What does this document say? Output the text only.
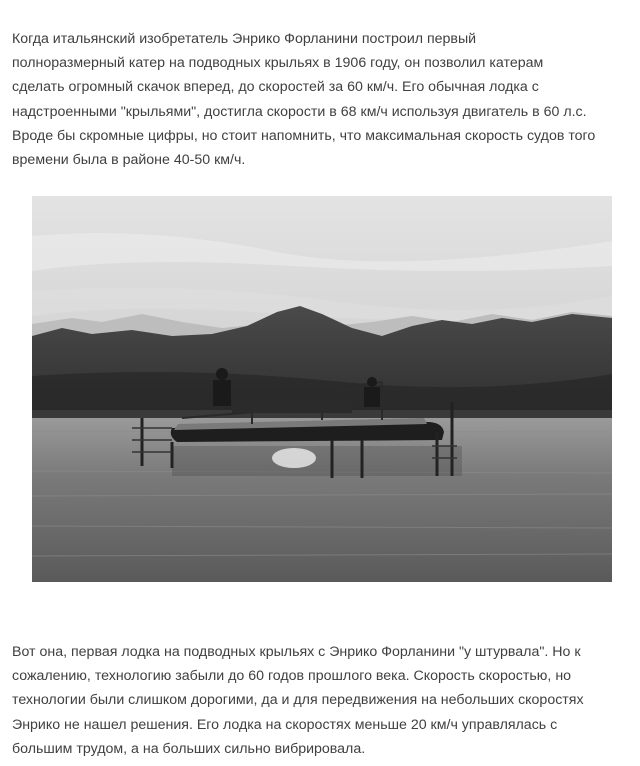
Когда итальянский изобретатель Энрико Форланини построил первый
полноразмерный катер на подводных крыльях в 1906 году, он позволил катерам
сделать огромный скачок вперед, до скоростей за 60 км/ч. Его обычная лодка с
надстроенными "крыльями", достигла скорости в 68 км/ч используя двигатель в 60 л.с.
Вроде бы скромные цифры, но стоит напомнить, что максимальная скорость судов того
времени была в районе 40-50 км/ч.

Вот она, первая лодка на подводных крыльях с Энрико Форланини "у штурвала". Но к
сожалению, технологию забыли до 60 годов прошлого века. Скорость скоростью, но
технологии были слишком дорогими, да и для передвижения на небольших скоростях
Энрико не нашел решения. Его лодка на скоростях меньше 20 км/ч управлялась с
большим трудом, а на больших сильно вибрировала.
